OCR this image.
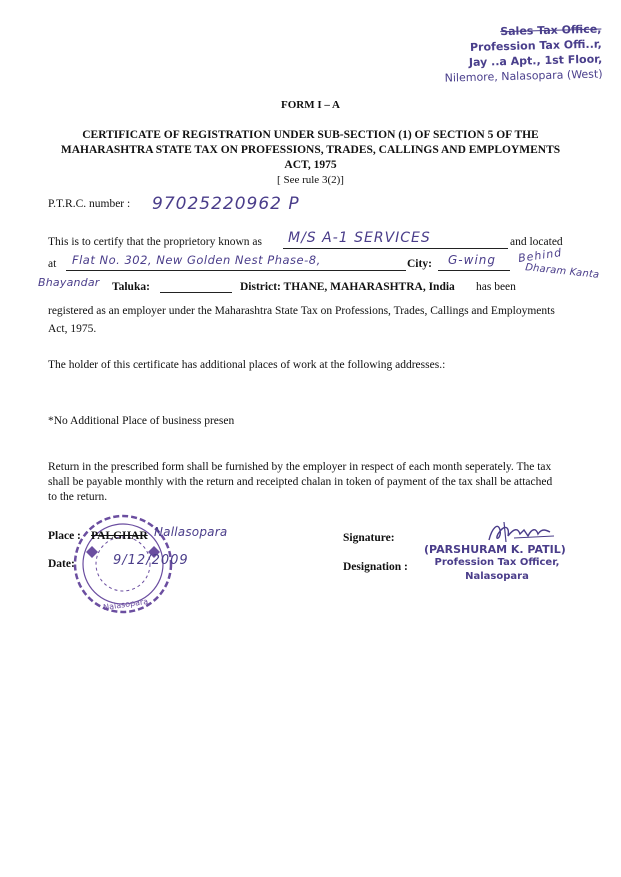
Sales Tax Office,
Profession Tax Offi..r,
Jay ..a Apt., 1st Floor,
Nilemore, Nalasopara (West)
FORM I – A
CERTIFICATE OF REGISTRATION UNDER SUB-SECTION (1) OF SECTION 5 OF THE MAHARASHTRA STATE TAX ON PROFESSIONS, TRADES, CALLINGS AND EMPLOYMENTS ACT, 1975
[ See rule 3(2)]
P.T.R.C. number : 97025220962 P
This is to certify that the proprietory known as M/S A-1 SERVICES	and located
at Flat No. 302, New Golden Nest Phase-8,	City: G-wing Behind
Dharam Kanta
Bhayandar Taluka:	District: THANE, MAHARASHTRA, India has been
registered as an employer under the Maharashtra State Tax on Professions, Trades, Callings and Employments Act, 1975.
The holder of this certificate has additional places of work at the following addresses.:
*No Additional Place of business presen
Return in the prescribed form shall be furnished by the employer in respect of each month seperately. The tax shall be payable monthly with the return and receipted chalan in token of payment of the tax shall be attached to the return.
Nalasopara
Place : PALGHAR Nallasopara
Date:	9/12/2009
Signature:
(PARSHURAM K. PATIL)
Designation :	Profession Tax Officer,
Nalasopara
